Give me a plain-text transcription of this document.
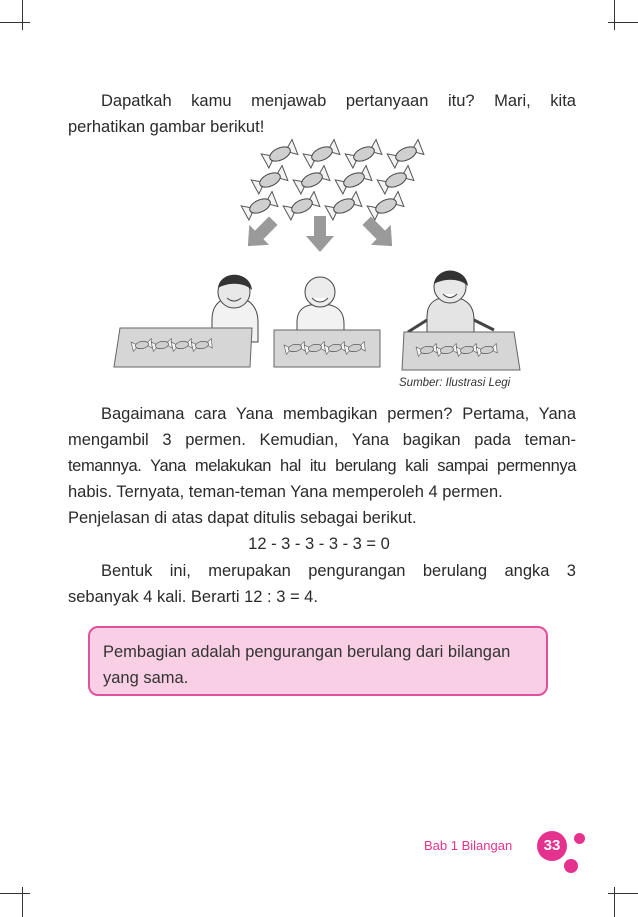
Dapatkah kamu menjawab pertanyaan itu? Mari, kita
perhatikan gambar berikut!
Sumber: Ilustrasi Legi
Bagaimana cara Yana membagikan permen? Pertama, Yana
mengambil 3 permen. Kemudian, Yana bagikan pada teman-
temannya. Yana melakukan hal itu berulang kali sampai permennya
habis. Ternyata, teman-teman Yana memperoleh 4 permen.
Penjelasan di atas dapat ditulis sebagai berikut.
12 - 3 - 3 - 3 - 3 = 0
Bentuk ini, merupakan pengurangan berulang angka 3
sebanyak 4 kali. Berarti 12 : 3 = 4.
Pembagian adalah pengurangan berulang dari bilangan
yang sama.
Bab 1 Bilangan	33
